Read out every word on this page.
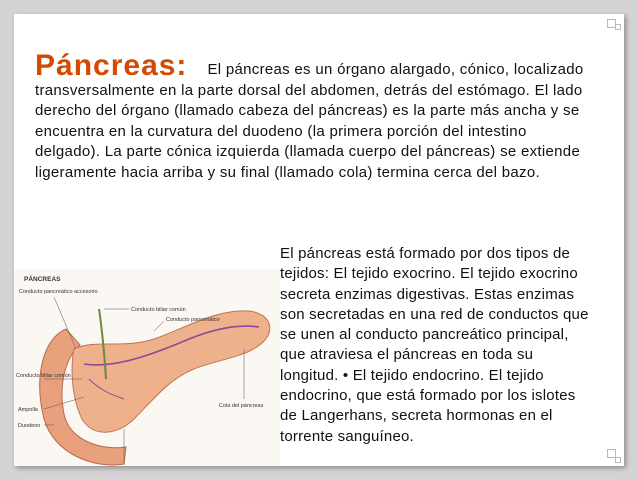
Páncreas: El páncreas es un órgano alargado, cónico, localizado transversalmente en la parte dorsal del abdomen, detrás del estómago. El lado derecho del órgano (llamado cabeza del páncreas) es la parte más ancha y se encuentra en la curvatura del duodeno (la primera porción del intestino delgado). La parte cónica izquierda (llamada cuerpo del páncreas) se extiende ligeramente hacia arriba y su final (llamado cola) termina cerca del bazo.
PÁNCREAS
Conducto biliar común
Conducto pancreático
Conducto pancreático accesorio
Conducto biliar común
Ampolla
Duodeno
Cola del páncreas
Cabeza del páncreas
El páncreas está formado por dos tipos de tejidos: El tejido exocrino. El tejido exocrino secreta enzimas digestivas. Estas enzimas son secretadas en una red de conductos que se unen al conducto pancreático principal, que atraviesa el páncreas en toda su longitud. • El tejido endocrino. El tejido endocrino, que está formado por los islotes de Langerhans, secreta hormonas en el torrente sanguíneo.
